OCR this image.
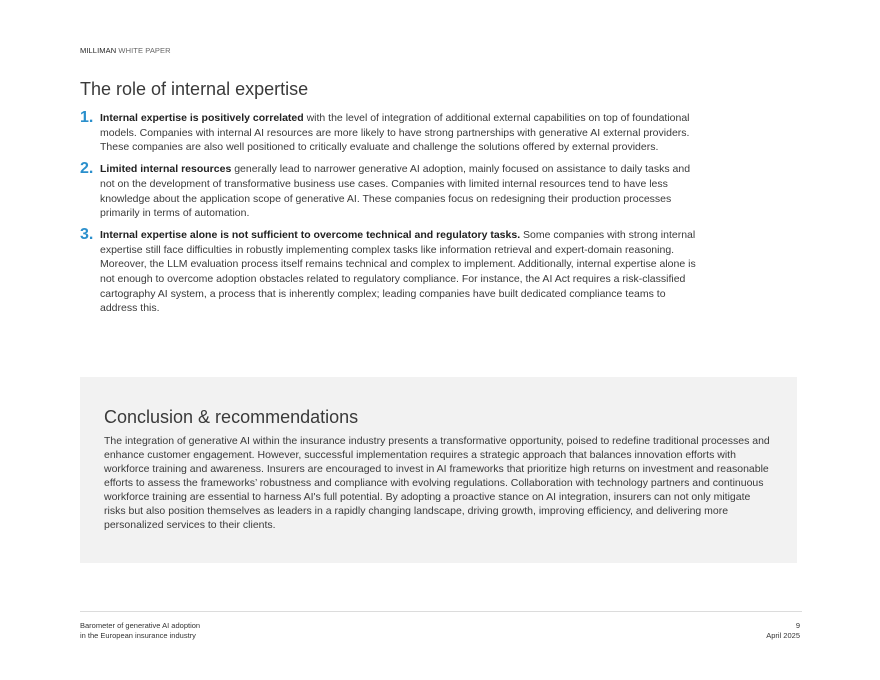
MILLIMAN WHITE PAPER
The role of internal expertise
1. Internal expertise is positively correlated with the level of integration of additional external capabilities on top of foundational models. Companies with internal AI resources are more likely to have strong partnerships with generative AI external providers. These companies are also well positioned to critically evaluate and challenge the solutions offered by external providers.
2. Limited internal resources generally lead to narrower generative AI adoption, mainly focused on assistance to daily tasks and not on the development of transformative business use cases. Companies with limited internal resources tend to have less knowledge about the application scope of generative AI. These companies focus on redesigning their production processes primarily in terms of automation.
3. Internal expertise alone is not sufficient to overcome technical and regulatory tasks. Some companies with strong internal expertise still face difficulties in robustly implementing complex tasks like information retrieval and expert-domain reasoning. Moreover, the LLM evaluation process itself remains technical and complex to implement. Additionally, internal expertise alone is not enough to overcome adoption obstacles related to regulatory compliance. For instance, the AI Act requires a risk-classified cartography AI system, a process that is inherently complex; leading companies have built dedicated compliance teams to address this.
Conclusion & recommendations
The integration of generative AI within the insurance industry presents a transformative opportunity, poised to redefine traditional processes and enhance customer engagement. However, successful implementation requires a strategic approach that balances innovation efforts with workforce training and awareness. Insurers are encouraged to invest in AI frameworks that prioritize high returns on investment and reasonable efforts to assess the frameworks’ robustness and compliance with evolving regulations. Collaboration with technology partners and continuous workforce training are essential to harness AI's full potential. By adopting a proactive stance on AI integration, insurers can not only mitigate risks but also position themselves as leaders in a rapidly changing landscape, driving growth, improving efficiency, and delivering more personalized services to their clients.
Barometer of generative AI adoption
in the European insurance industry
9
April 2025
